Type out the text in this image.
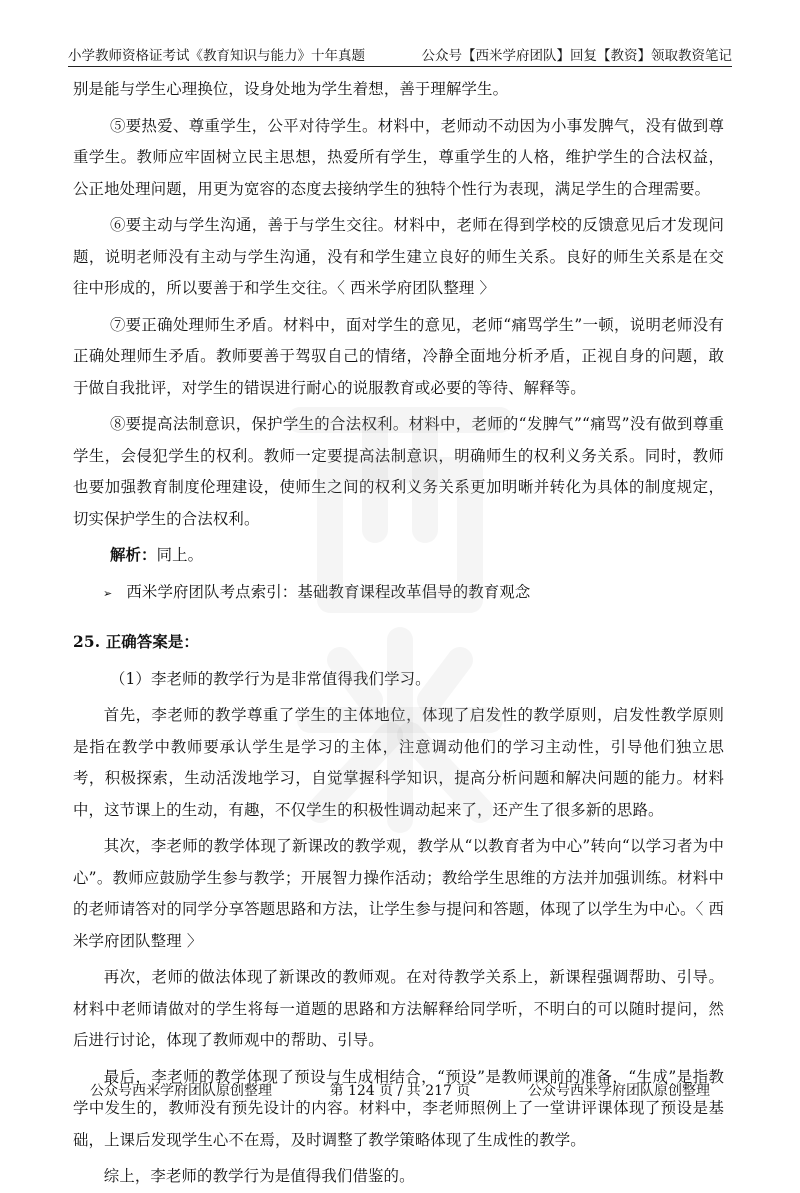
小学教师资格证考试《教育知识与能力》十年真题	公众号【西米学府团队】回复【教资】领取教资笔记

别是能与学生心理换位，设身处地为学生着想，善于理解学生。

⑤要热爱、尊重学生，公平对待学生。材料中，老师动不动因为小事发脾气，没有做到尊重学生。教师应牢固树立民主思想，热爱所有学生，尊重学生的人格，维护学生的合法权益，公正地处理问题，用更为宽容的态度去接纳学生的独特个性行为表现，满足学生的合理需要。

⑥要主动与学生沟通，善于与学生交往。材料中，老师在得到学校的反馈意见后才发现问题，说明老师没有主动与学生沟通，没有和学生建立良好的师生关系。良好的师生关系是在交往中形成的，所以要善于和学生交往。〈 西米学府团队整理 〉

⑦要正确处理师生矛盾。材料中，面对学生的意见，老师“痛骂学生”一顿，说明老师没有正确处理师生矛盾。教师要善于驾驭自己的情绪，冷静全面地分析矛盾，正视自身的问题，敢于做自我批评，对学生的错误进行耐心的说服教育或必要的等待、解释等。

⑧要提高法制意识，保护学生的合法权利。材料中，老师的“发脾气”“痛骂”没有做到尊重学生，会侵犯学生的权利。教师一定要提高法制意识，明确师生的权利义务关系。同时，教师也要加强教育制度伦理建设，使师生之间的权利义务关系更加明晰并转化为具体的制度规定，切实保护学生的合法权利。

解析：同上。

➢ 西米学府团队考点索引：基础教育课程改革倡导的教育观念

25. 正确答案是：

（1）李老师的教学行为是非常值得我们学习。

首先，李老师的教学尊重了学生的主体地位，体现了启发性的教学原则，启发性教学原则是指在教学中教师要承认学生是学习的主体，注意调动他们的学习主动性，引导他们独立思考，积极探索，生动活泼地学习，自觉掌握科学知识，提高分析问题和解决问题的能力。材料中，这节课上的生动，有趣，不仅学生的积极性调动起来了，还产生了很多新的思路。

其次，李老师的教学体现了新课改的教学观，教学从“以教育者为中心”转向“以学习者为中心”。教师应鼓励学生参与教学；开展智力操作活动；教给学生思维的方法并加强训练。材料中的老师请答对的同学分享答题思路和方法，让学生参与提问和答题，体现了以学生为中心。〈 西米学府团队整理 〉

再次，老师的做法体现了新课改的教师观。在对待教学关系上，新课程强调帮助、引导。材料中老师请做对的学生将每一道题的思路和方法解释给同学听，不明白的可以随时提问，然后进行讨论，体现了教师观中的帮助、引导。

最后，李老师的教学体现了预设与生成相结合，“预设”是教师课前的准备，“生成”是指教学中发生的，教师没有预先设计的内容。材料中，李老师照例上了一堂讲评课体现了预设是基础，上课后发现学生心不在焉，及时调整了教学策略体现了生成性的教学。

综上，李老师的教学行为是值得我们借鉴的。

公众号西米学府团队原创整理	第 124 页 / 共 217 页	公众号西米学府团队原创整理
